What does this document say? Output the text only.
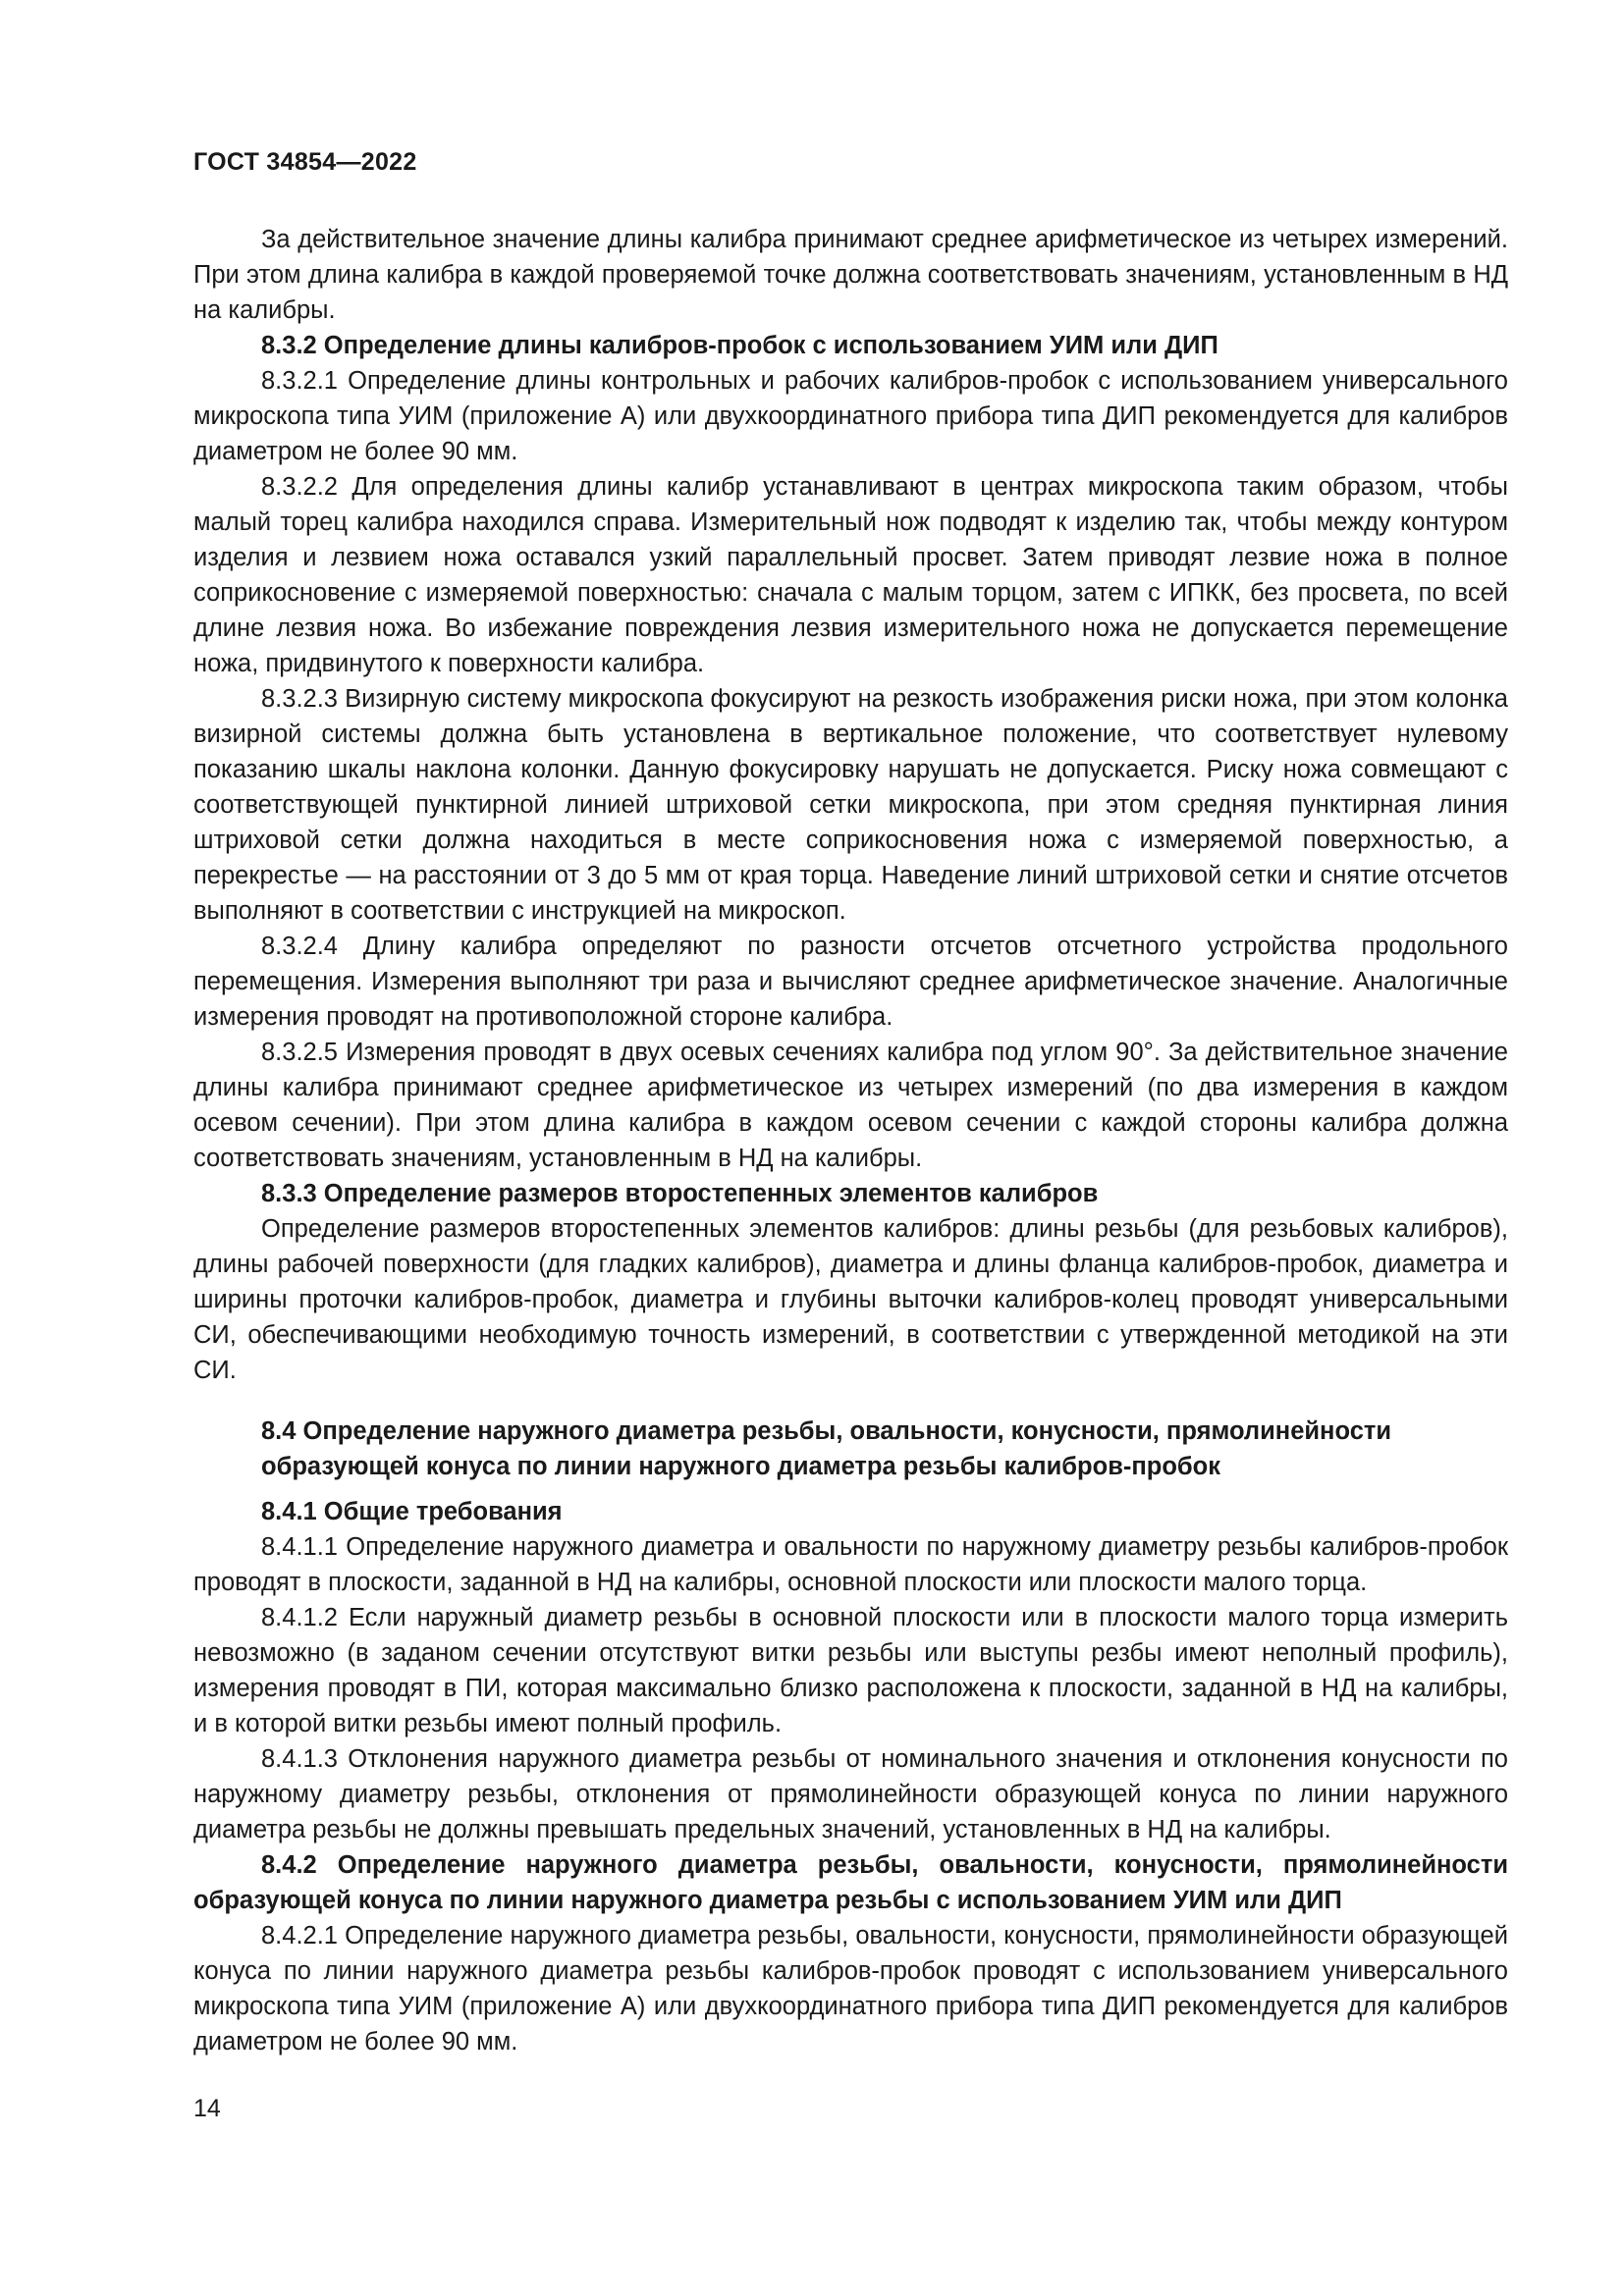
ГОСТ 34854—2022

За действительное значение длины калибра принимают среднее арифметическое из четырех измерений. При этом длина калибра в каждой проверяемой точке должна соответствовать значениям, установленным в НД на калибры.

8.3.2 Определение длины калибров-пробок с использованием УИМ или ДИП

8.3.2.1 Определение длины контрольных и рабочих калибров-пробок с использованием универсального микроскопа типа УИМ (приложение А) или двухкоординатного прибора типа ДИП рекомендуется для калибров диаметром не более 90 мм.

8.3.2.2 Для определения длины калибр устанавливают в центрах микроскопа таким образом, чтобы малый торец калибра находился справа. Измерительный нож подводят к изделию так, чтобы между контуром изделия и лезвием ножа оставался узкий параллельный просвет. Затем приводят лезвие ножа в полное соприкосновение с измеряемой поверхностью: сначала с малым торцом, затем с ИПКК, без просвета, по всей длине лезвия ножа. Во избежание повреждения лезвия измерительного ножа не допускается перемещение ножа, придвинутого к поверхности калибра.

8.3.2.3 Визирную систему микроскопа фокусируют на резкость изображения риски ножа, при этом колонка визирной системы должна быть установлена в вертикальное положение, что соответствует нулевому показанию шкалы наклона колонки. Данную фокусировку нарушать не допускается. Риску ножа совмещают с соответствующей пунктирной линией штриховой сетки микроскопа, при этом средняя пунктирная линия штриховой сетки должна находиться в месте соприкосновения ножа с измеряемой поверхностью, а перекрестье — на расстоянии от 3 до 5 мм от края торца. Наведение линий штриховой сетки и снятие отсчетов выполняют в соответствии с инструкцией на микроскоп.

8.3.2.4 Длину калибра определяют по разности отсчетов отсчетного устройства продольного перемещения. Измерения выполняют три раза и вычисляют среднее арифметическое значение. Аналогичные измерения проводят на противоположной стороне калибра.

8.3.2.5 Измерения проводят в двух осевых сечениях калибра под углом 90°. За действительное значение длины калибра принимают среднее арифметическое из четырех измерений (по два измерения в каждом осевом сечении). При этом длина калибра в каждом осевом сечении с каждой стороны калибра должна соответствовать значениям, установленным в НД на калибры.

8.3.3 Определение размеров второстепенных элементов калибров

Определение размеров второстепенных элементов калибров: длины резьбы (для резьбовых калибров), длины рабочей поверхности (для гладких калибров), диаметра и длины фланца калибров-пробок, диаметра и ширины проточки калибров-пробок, диаметра и глубины выточки калибров-колец проводят универсальными СИ, обеспечивающими необходимую точность измерений, в соответствии с утвержденной методикой на эти СИ.

8.4 Определение наружного диаметра резьбы, овальности, конусности, прямолинейности образующей конуса по линии наружного диаметра резьбы калибров-пробок

8.4.1 Общие требования

8.4.1.1 Определение наружного диаметра и овальности по наружному диаметру резьбы калибров-пробок проводят в плоскости, заданной в НД на калибры, основной плоскости или плоскости малого торца.

8.4.1.2 Если наружный диаметр резьбы в основной плоскости или в плоскости малого торца измерить невозможно (в заданом сечении отсутствуют витки резьбы или выступы резбы имеют неполный профиль), измерения проводят в ПИ, которая максимально близко расположена к плоскости, заданной в НД на калибры, и в которой витки резьбы имеют полный профиль.

8.4.1.3 Отклонения наружного диаметра резьбы от номинального значения и отклонения конусности по наружному диаметру резьбы, отклонения от прямолинейности образующей конуса по линии наружного диаметра резьбы не должны превышать предельных значений, установленных в НД на калибры.

8.4.2 Определение наружного диаметра резьбы, овальности, конусности, прямолинейности образующей конуса по линии наружного диаметра резьбы с использованием УИМ или ДИП

8.4.2.1 Определение наружного диаметра резьбы, овальности, конусности, прямолинейности образующей конуса по линии наружного диаметра резьбы калибров-пробок проводят с использованием универсального микроскопа типа УИМ (приложение А) или двухкоординатного прибора типа ДИП рекомендуется для калибров диаметром не более 90 мм.

14
